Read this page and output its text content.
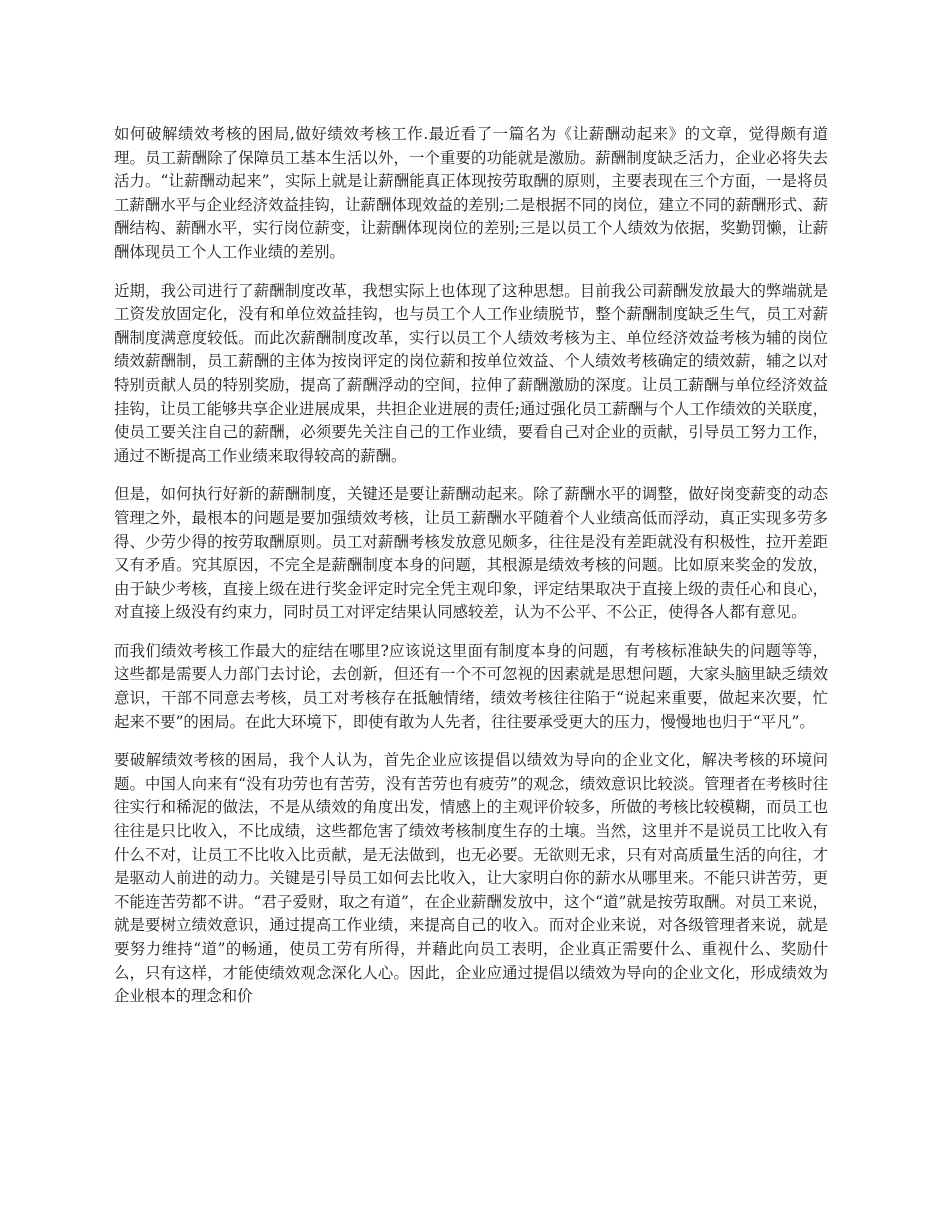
如何破解绩效考核的困局,做好绩效考核工作.最近看了一篇名为《让薪酬动起来》的文章，觉得颇有道理。员工薪酬除了保障员工基本生活以外，一个重要的功能就是激励。薪酬制度缺乏活力，企业必将失去活力。“让薪酬动起来”，实际上就是让薪酬能真正体现按劳取酬的原则，主要表现在三个方面，一是将员工薪酬水平与企业经济效益挂钩，让薪酬体现效益的差别;二是根据不同的岗位，建立不同的薪酬形式、薪酬结构、薪酬水平，实行岗位薪变，让薪酬体现岗位的差别;三是以员工个人绩效为依据，奖勤罚懒，让薪酬体现员工个人工作业绩的差别。

近期，我公司进行了薪酬制度改革，我想实际上也体现了这种思想。目前我公司薪酬发放最大的弊端就是工资发放固定化，没有和单位效益挂钩，也与员工个人工作业绩脱节，整个薪酬制度缺乏生气，员工对薪酬制度满意度较低。而此次薪酬制度改革，实行以员工个人绩效考核为主、单位经济效益考核为辅的岗位绩效薪酬制，员工薪酬的主体为按岗评定的岗位薪和按单位效益、个人绩效考核确定的绩效薪，辅之以对特别贡献人员的特别奖励，提高了薪酬浮动的空间，拉伸了薪酬激励的深度。让员工薪酬与单位经济效益挂钩，让员工能够共享企业进展成果，共担企业进展的责任;通过强化员工薪酬与个人工作绩效的关联度，使员工要关注自己的薪酬，必须要先关注自己的工作业绩，要看自己对企业的贡献，引导员工努力工作，通过不断提高工作业绩来取得较高的薪酬。

但是，如何执行好新的薪酬制度，关键还是要让薪酬动起来。除了薪酬水平的调整，做好岗变薪变的动态管理之外，最根本的问题是要加强绩效考核，让员工薪酬水平随着个人业绩高低而浮动，真正实现多劳多得、少劳少得的按劳取酬原则。员工对薪酬考核发放意见颇多，往往是没有差距就没有积极性，拉开差距又有矛盾。究其原因，不完全是薪酬制度本身的问题，其根源是绩效考核的问题。比如原来奖金的发放，由于缺少考核，直接上级在进行奖金评定时完全凭主观印象，评定结果取决于直接上级的责任心和良心，对直接上级没有约束力，同时员工对评定结果认同感较差，认为不公平、不公正，使得各人都有意见。

而我们绩效考核工作最大的症结在哪里?应该说这里面有制度本身的问题，有考核标准缺失的问题等等，这些都是需要人力部门去讨论，去创新，但还有一个不可忽视的因素就是思想问题，大家头脑里缺乏绩效意识，干部不同意去考核，员工对考核存在抵触情绪，绩效考核往往陷于“说起来重要，做起来次要，忙起来不要”的困局。在此大环境下，即使有敢为人先者，往往要承受更大的压力，慢慢地也归于“平凡”。

要破解绩效考核的困局，我个人认为，首先企业应该提倡以绩效为导向的企业文化，解决考核的环境问题。中国人向来有“没有功劳也有苦劳，没有苦劳也有疲劳”的观念，绩效意识比较淡。管理者在考核时往往实行和稀泥的做法，不是从绩效的角度出发，情感上的主观评价较多，所做的考核比较模糊，而员工也往往是只比收入，不比成绩，这些都危害了绩效考核制度生存的土壤。当然，这里并不是说员工比收入有什么不对，让员工不比收入比贡献，是无法做到，也无必要。无欲则无求，只有对高质量生活的向往，才是驱动人前进的动力。关键是引导员工如何去比收入，让大家明白你的薪水从哪里来。不能只讲苦劳，更不能连苦劳都不讲。“君子爱财，取之有道”，在企业薪酬发放中，这个“道”就是按劳取酬。对员工来说，就是要树立绩效意识，通过提高工作业绩，来提高自己的收入。而对企业来说，对各级管理者来说，就是要努力维持“道”的畅通，使员工劳有所得，并藉此向员工表明，企业真正需要什么、重视什么、奖励什么，只有这样，才能使绩效观念深化人心。因此，企业应通过提倡以绩效为导向的企业文化，形成绩效为企业根本的理念和价
